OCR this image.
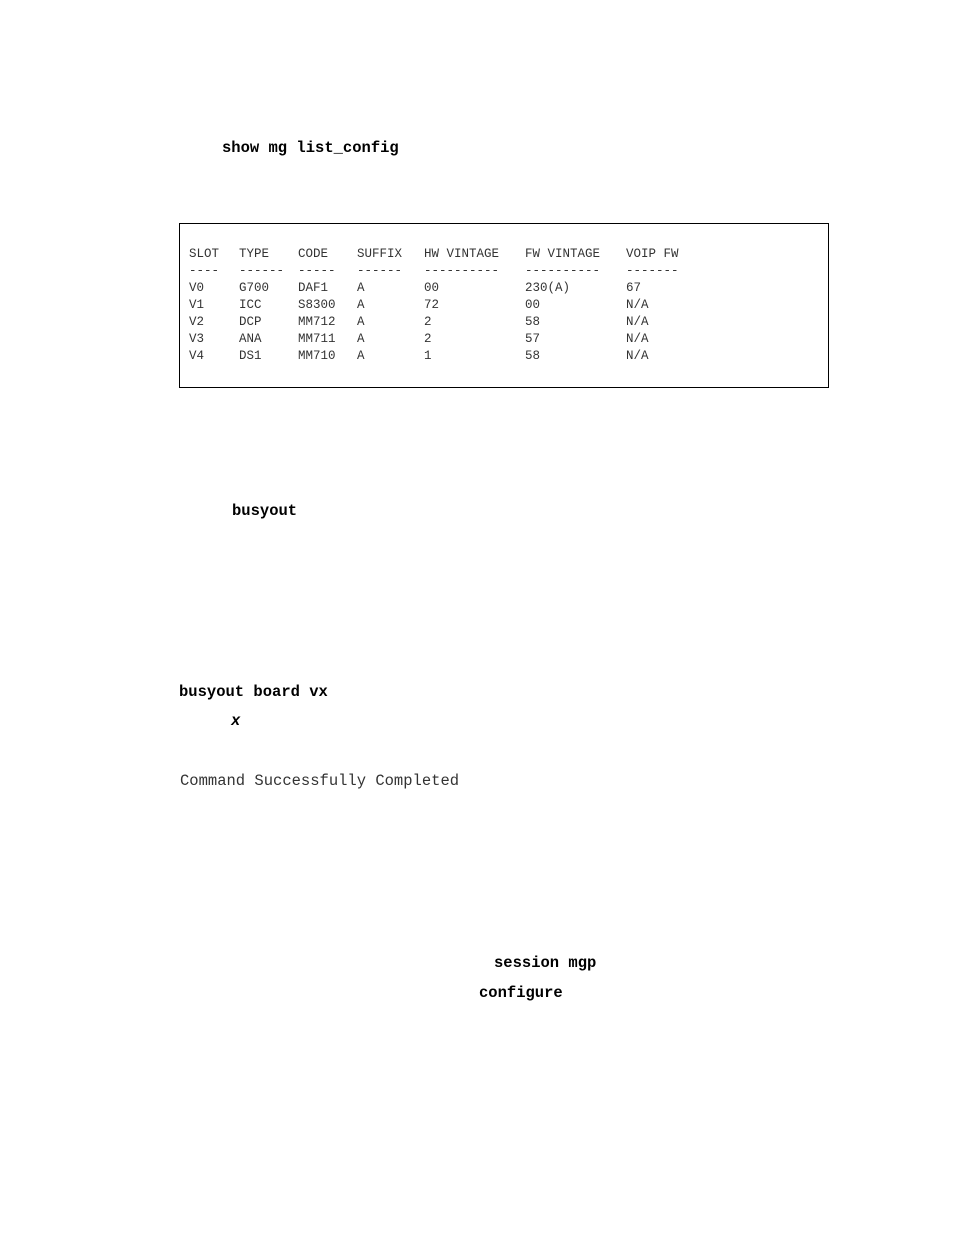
show mg list_config
SLOT	TYPE	CODE	SUFFIX	HW VINTAGE	FW VINTAGE	VOIP FW
----	------	-----	------	----------	----------	-------
V0	G700	DAF1	A	00	230(A)	67
V1	ICC	S8300	A	72	00	N/A
V2	DCP	MM712	A	2	58	N/A
V3	ANA	MM711	A	2	57	N/A
V4	DS1	MM710	A	1	58	N/A
busyout
busyout board vx
x
Command Successfully Completed
session mgp
configure
